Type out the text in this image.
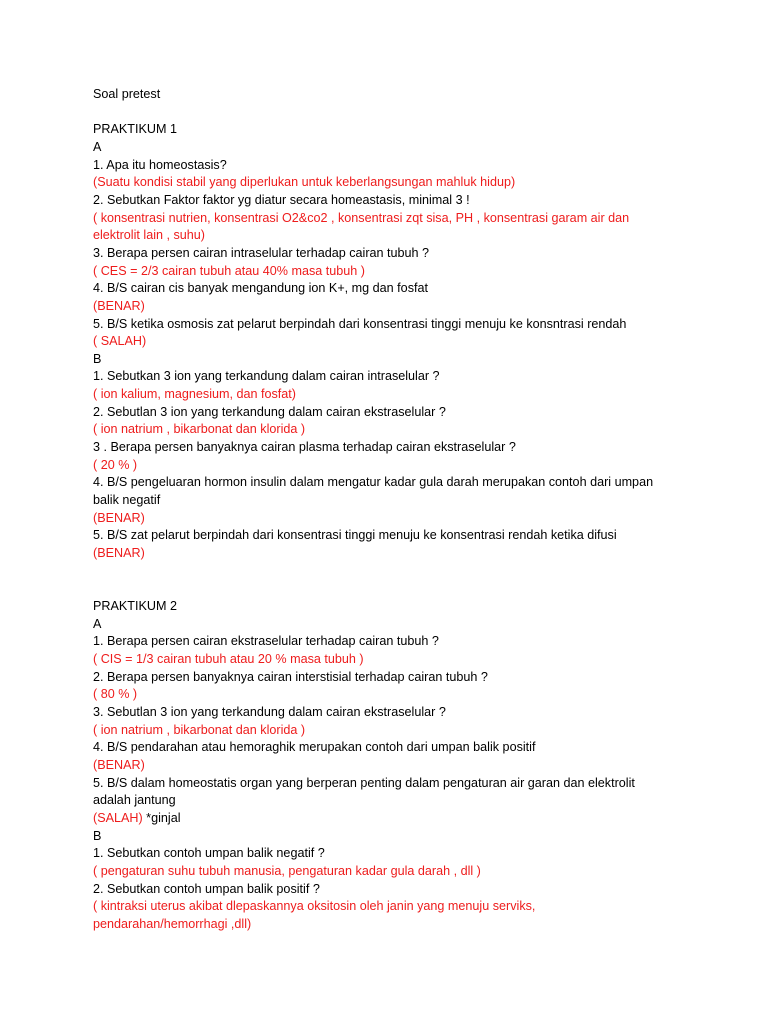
Soal pretest
PRAKTIKUM 1
A
1. Apa itu homeostasis?
(Suatu kondisi stabil yang diperlukan untuk keberlangsungan mahluk hidup)
2. Sebutkan Faktor faktor yg diatur secara homeastasis, minimal 3 !
( konsentrasi nutrien, konsentrasi O2&co2 , konsentrasi zqt sisa, PH , konsentrasi garam air dan
elektrolit lain , suhu)
3. Berapa persen cairan intraselular terhadap cairan tubuh ?
( CES = 2/3 cairan tubuh atau 40% masa tubuh )
4. B/S cairan cis banyak mengandung ion K+, mg dan fosfat
(BENAR)
5. B/S ketika osmosis zat pelarut berpindah dari konsentrasi tinggi menuju ke konsntrasi rendah
( SALAH)
B
1. Sebutkan 3 ion yang terkandung dalam cairan intraselular ?
( ion kalium, magnesium, dan fosfat)
2. Sebutlan 3 ion yang terkandung dalam cairan ekstraselular ?
( ion natrium , bikarbonat dan klorida )
3 . Berapa persen banyaknya cairan plasma terhadap cairan ekstraselular ?
( 20 % )
4. B/S pengeluaran hormon insulin dalam mengatur kadar gula darah merupakan contoh dari umpan
balik negatif
(BENAR)
5. B/S zat pelarut berpindah dari konsentrasi tinggi menuju ke konsentrasi rendah ketika difusi
(BENAR)
PRAKTIKUM 2
A
1. Berapa persen cairan ekstraselular terhadap cairan tubuh ?
( CIS = 1/3 cairan tubuh atau 20 % masa tubuh )
2. Berapa persen banyaknya cairan interstisial terhadap cairan tubuh ?
( 80 % )
3. Sebutlan 3 ion yang terkandung dalam cairan ekstraselular ?
( ion natrium , bikarbonat dan klorida )
4. B/S pendarahan atau hemoraghik merupakan contoh dari umpan balik positif
(BENAR)
5. B/S dalam homeostatis organ yang berperan penting dalam pengaturan air garan dan elektrolit
adalah jantung
(SALAH) *ginjal
B
1. Sebutkan contoh umpan balik negatif ?
( pengaturan suhu tubuh manusia, pengaturan kadar gula darah , dll )
2. Sebutkan contoh umpan balik positif ?
( kintraksi uterus akibat dlepaskannya oksitosin oleh janin yang menuju serviks,
pendarahan/hemorrhagi ,dll)
